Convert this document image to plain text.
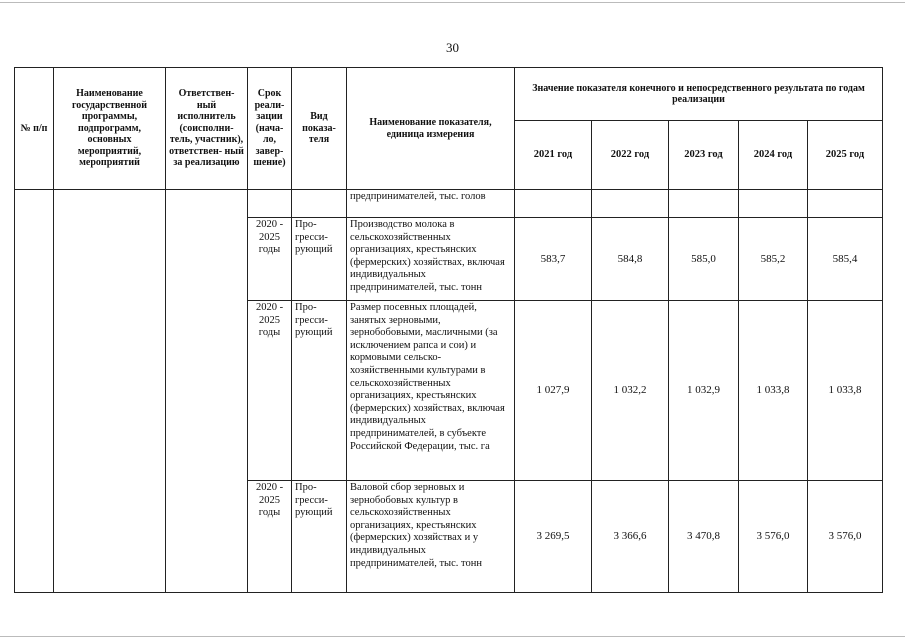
30
№ п/п	Наименование государственной программы, подпрограмм, основных мероприятий, мероприятий	Ответствен- ный исполнитель (соисполни- тель, участник), ответствен- ный за реализацию	Срок реали- зации (нача- ло, завер- шение)	Вид показа- теля	Наименование показателя, единица измерения	Значение показателя конечного и непосредственного результата по годам реализации				
						2021 год	2022 год	2023 год	2024 год	2025 год
					предпринимателей, тыс. голов					
			2020 - 2025 годы	Про- гресси- рующий	Производство молока в сельскохозяйственных организациях, крестьянских (фермерских) хозяйствах, включая индивидуальных предпринимателей, тыс. тонн	583,7	584,8	585,0	585,2	585,4
			2020 - 2025 годы	Про- гресси- рующий	Размер посевных площадей, занятых зерновыми, зернобобовыми, масличными (за исключением рапса и сои) и кормовыми сельско- хозяйственными культурами в сельскохозяйственных организациях, крестьянских (фермерских) хозяйствах, включая индивидуальных предпринимателей, в субъекте Российской Федерации, тыс. га	1 027,9	1 032,2	1 032,9	1 033,8	1 033,8
			2020 - 2025 годы	Про- гресси- рующий	Валовой сбор зерновых и зернобобовых культур в сельскохозяйственных организациях, крестьянских (фермерских) хозяйствах и у индивидуальных предпринимателей, тыс. тонн	3 269,5	3 366,6	3 470,8	3 576,0	3 576,0
